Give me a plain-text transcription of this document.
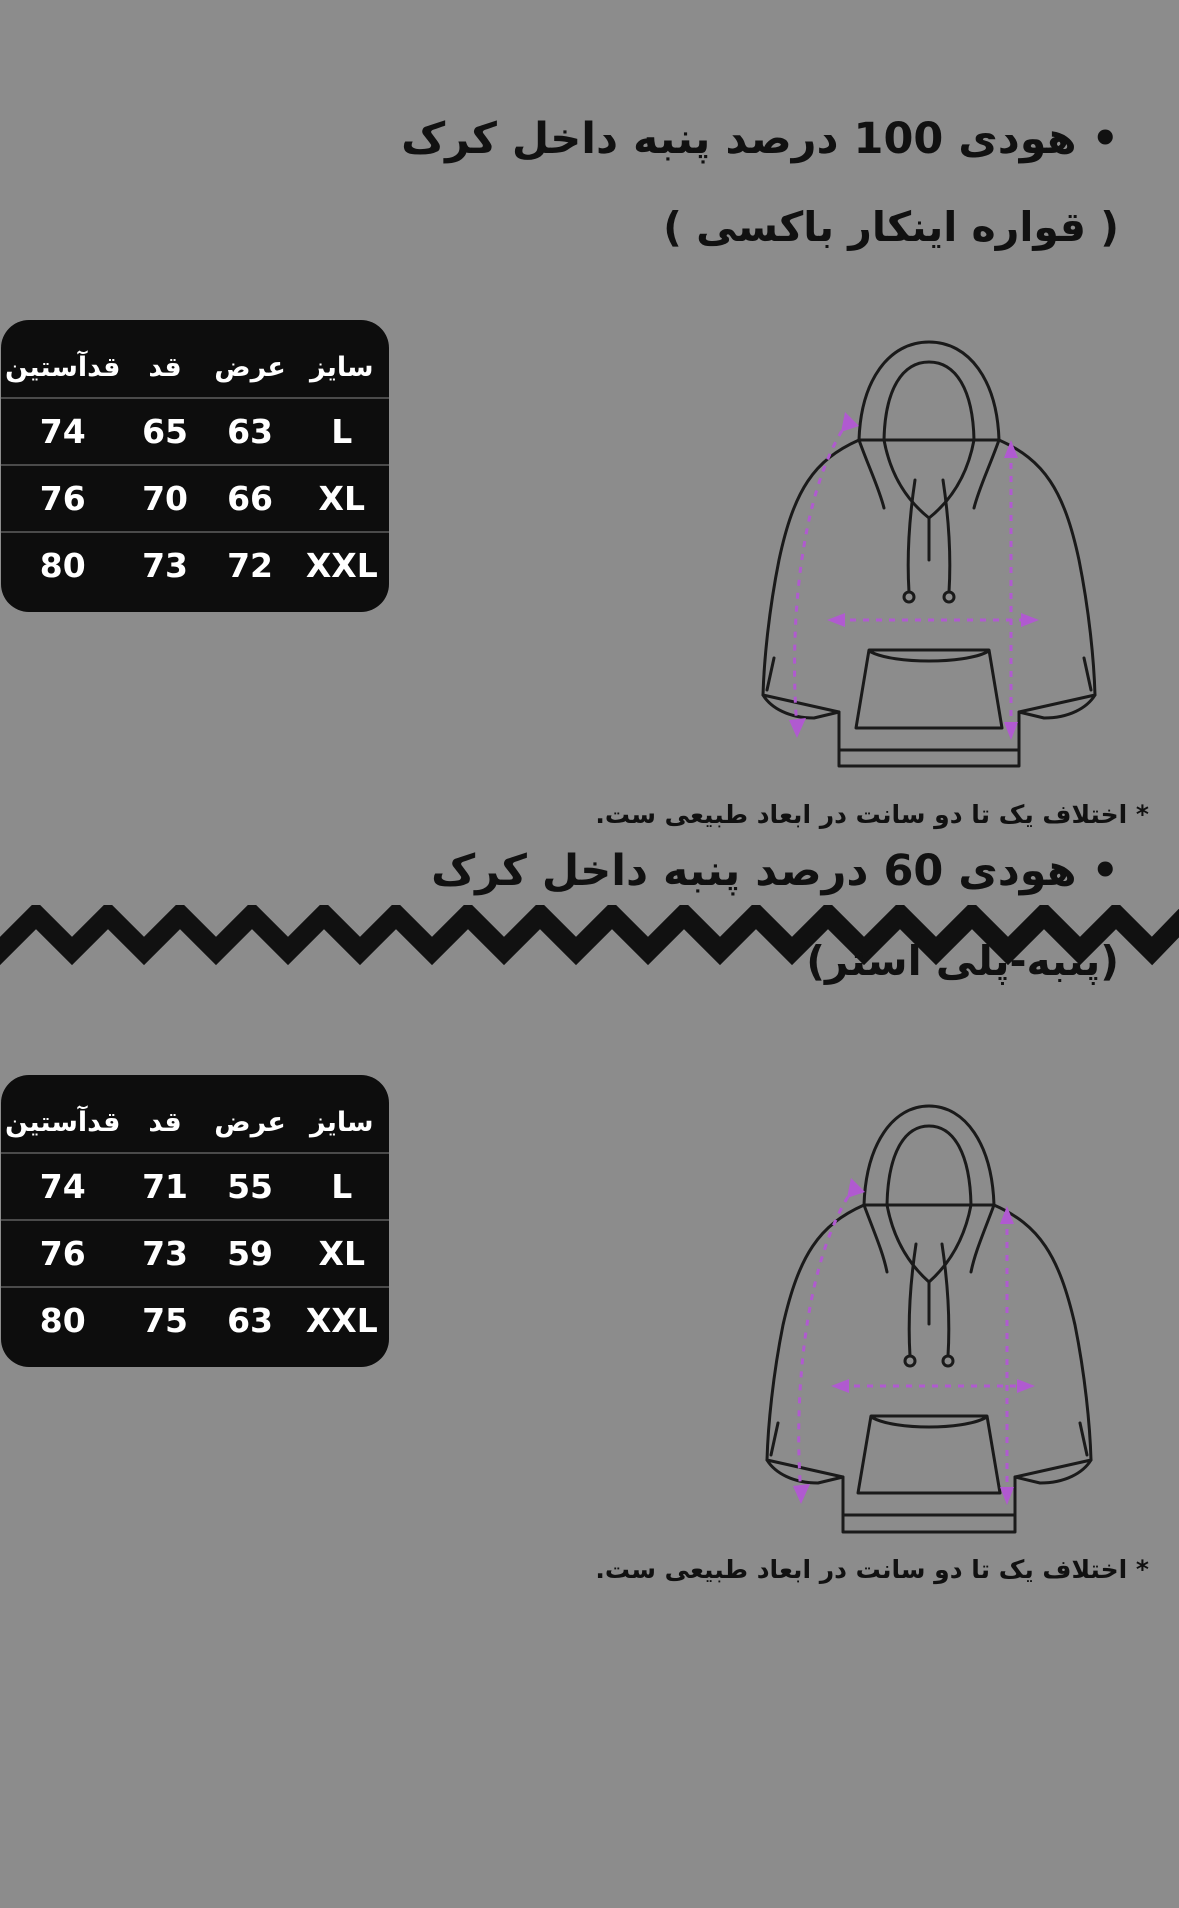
• هودی 100 درصد پنبه داخل کرک
( قواره اینکار باکسی )
سایز	عرض	قد	قدآستین
L	63	65	74
XL	66	70	76
XXL	72	73	80
* اختلاف یک تا دو سانت در ابعاد طبیعی ست.
• هودی 60 درصد پنبه داخل کرک
(پنبه-پلی استر)
سایز	عرض	قد	قدآستین
L	55	71	74
XL	59	73	76
XXL	63	75	80
* اختلاف یک تا دو سانت در ابعاد طبیعی ست.
